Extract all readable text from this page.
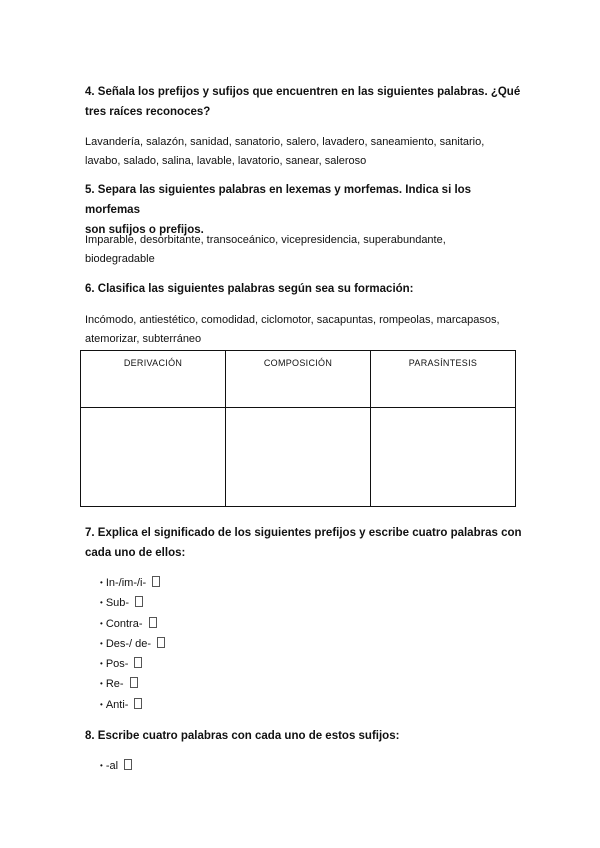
4. Señala los prefijos y sufijos que encuentren en las siguientes palabras. ¿Qué
tres raíces reconoces?
Lavandería, salazón, sanidad, sanatorio, salero, lavadero, saneamiento, sanitario,
lavabo, salado, salina, lavable, lavatorio, sanear, saleroso
5. Separa las siguientes palabras en lexemas y morfemas. Indica si los morfemas
son sufijos o prefijos.
Imparable, desorbitante, transoceánico, vicepresidencia, superabundante,
biodegradable
6. Clasifica las siguientes palabras según sea su formación:
Incómodo, antiestético, comodidad, ciclomotor, sacapuntas, rompeolas, marcapasos,
atemorizar, subterráneo
DERIVACIÓN	COMPOSICIÓN	PARASÍNTESIS

7. Explica el significado de los siguientes prefijos y escribe cuatro palabras con
cada uno de ellos:
• In-/im-/i-
• Sub-
• Contra-
• Des-/ de-
• Pos-
• Re-
• Anti-
8. Escribe cuatro palabras con cada uno de estos sufijos:
• -al
